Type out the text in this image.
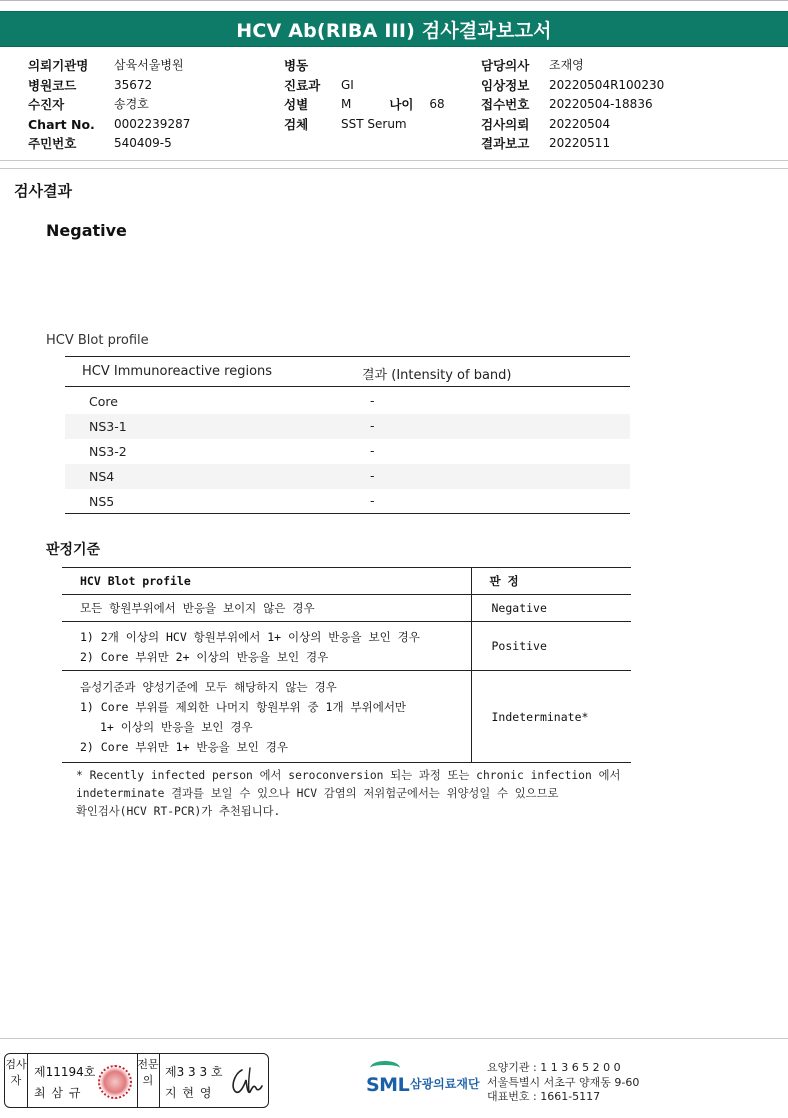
HCV Ab(RIBA III) 검사결과보고서
의뢰기관명	삼육서울병원
병원코드	35672
수진자	송경호
Chart No.	0002239287
주민번호	540409-5
병동
진료과	GI
성별	M	나이	68
검체	SST Serum
담당의사	조재영
임상정보	20220504R100230
접수번호	20220504-18836
검사의뢰	20220504
결과보고	20220511
검사결과
Negative
HCV Blot profile
HCV Immunoreactive regions	결과 (Intensity of band)
Core	-
NS3-1	-
NS3-2	-
NS4	-
NS5	-
판정기준
HCV Blot profile	판 정

모든 항원부위에서 반응을 보이지 않은 경우	Negative

1) 2개 이상의 HCV 항원부위에서 1+ 이상의 반응을 보인 경우
2) Core 부위만 2+ 이상의 반응을 보인 경우	Positive

음성기준과 양성기준에 모두 해당하지 않는 경우
1) Core 부위를 제외한 나머지 항원부위 중 1개 부위에서만
1+ 이상의 반응을 보인 경우
2) Core 부위만 1+ 반응을 보인 경우	Indeterminate*
* Recently infected person 에서 seroconversion 되는 과정 또는 chronic infection 에서
indeterminate 결과를 보일 수 있으나 HCV 감염의 저위험군에서는 위양성일 수 있으므로
확인검사(HCV RT-PCR)가 추천됩니다.
검사자
제11194호
최 삼 규
전문의
제3 3 3 호
지 현 영	SML 삼광의료재단
요양기관 : 1 1 3 6 5 2 0 0
서울특별시 서초구 양재동 9-60
대표번호 : 1661-5117
